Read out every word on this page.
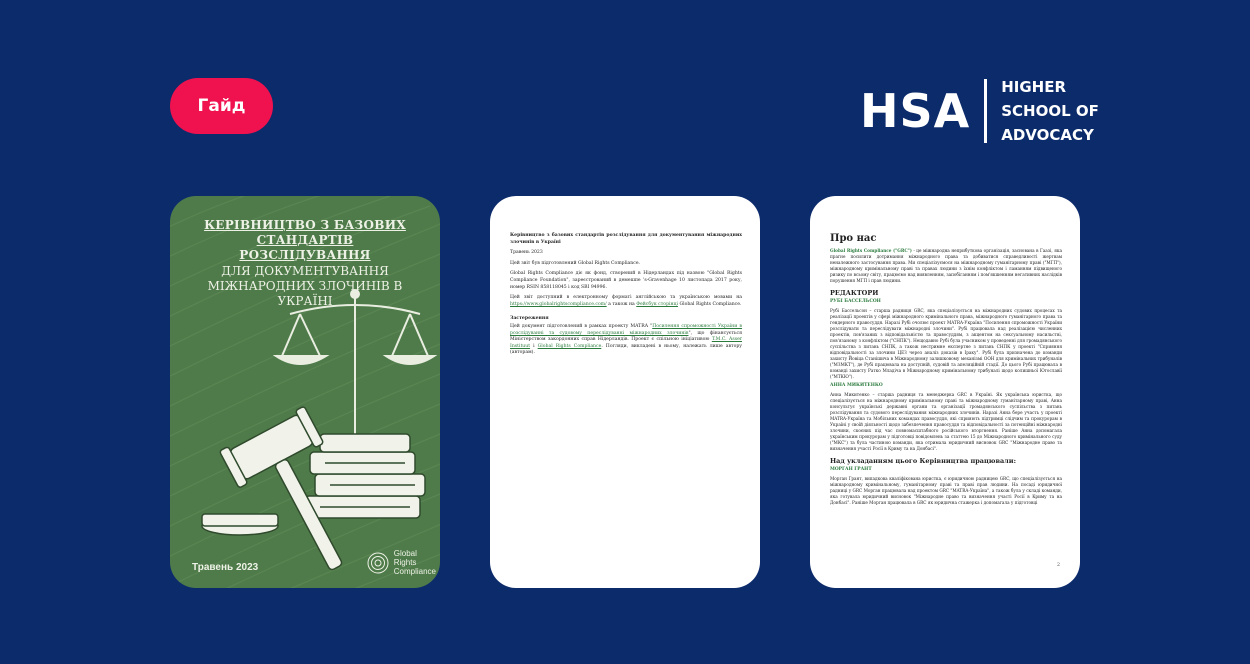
Гайд	HSA HIGHER
SCHOOL OF
ADVOCACY
КЕРІВНИЦТВО З БАЗОВИХ СТАНДАРТІВ РОЗСЛІДУВАННЯ
ДЛЯ ДОКУМЕНТУВАННЯ МІЖНАРОДНИХ ЗЛОЧИНІВ В УКРАЇНІ
Травень 2023
Global
Rights
Compliance

Керівництво з базових стандартів розслідування для документування міжнародних злочинів в Україні

Травень 2023

Цей звіт був підготовлений Global Rights Compliance.

Global Rights Compliance діє як фонд, створений в Нідерландах під назвою "Global Rights Compliance Foundation", зареєстрований в демешпе 's-Gravenhage 10 листопада 2017 року, номер RSIN 858118045 і код SBI 94996.

Цей звіт доступний в електронному форматі англійською та українською мовами на https://www.globalrightscompliance.com/ а також на Фейсбук сторінці Global Rights Compliance.

Застереження

Цей документ підготовлений в рамках проекту MATRA "Посилення спроможності України в розслідуванні та судовому переслідуванні міжнародних злочинів", що фінансується Міністерством закордонних справ Нідерландів. Проект є спільною ініціативою T.M.C. Asser Instituut і Global Rights Compliance. Погляди, викладені в ньому, належать лише автору (авторам).

Про нас

Global Rights Compliance ("GRC") - це міжнародна неприбуткова організація, заснована в Гаазі, яка прагне посилити дотримання міжнародного права та добиватися справедливості жертвам неналежного застосування права. Ми спеціалізуємося на міжнародному гуманітарному праві ("МГП"), міжнародному кримінальному праві та правах людини з їхнім конфліктом і ламанням підвищеного ризику по всьому світу, працюємо над виявленням, запобіганням і пом'якшенням негативних наслідків порушення МГП і прав людини.

РЕДАКТОРИ
РУБІ БАССЕЛЬСОН

Рубі Бассельсон – старша радниця GRC, яка спеціалізується на міжнародних судових процесах та реалізації проектів у сфері міжнародного кримінального права, міжнародного гуманітарного права та гендерного правосуддя. Наразі Рубі очолює проект MATRA-Україна "Посилення спроможності України розслідувати та переслідувати міжнародні злочини". Рубі працювала над реалізацією численних проектів, пов'язаних з відповідальністю та правосуддям, з акцентом на сексуальному насильстві, пов'язаному з конфліктом ("СНПК"). Нещодавно Рубі була учасником у проведенні для громадянського суспільства з питань СНПК, а також нестримне експертне з питань СНПК у проекті "Сприяння відповідальності за злочини ЦЕЗ через аналіз доказів в Іраку". Рубі була призначена до команди захисту Йовіца Станішича в Міжнародному залишковому механізмі ООН для кримінальних трибуналів ("МЗМКТ"), де Рубі працювала на доступній, судовій та апеляційній стадії. До цього Рубі працювала в команді захисту Ратко Младіча в Міжнародному кримінальному трибуналі щодо колишньої Югославії ("МТКЮ").

АННА МИКИТЕНКО

Анна Микитенко – старша радниця та менеджерка GRC в Україні. Як українська юристка, що спеціалізується на міжнародному кримінальному праві та міжнародному гуманітарному праві, Анна консультує українські державні органи та організації громадянського суспільства з питань розслідування та судового переслідування міжнародних злочинів. Наразі Анна бере участь у проекті MATRA-Україна та Мобільних командах правосуддя, які сприяють підтримці слідчим та прокурорам в Україні у своїй діяльності щодо забезпечення правосуддя та відповідальності за потенційні міжнародні злочини, скоєних під час повномасштабного російського вторгнення. Раніше Анна допомагала українським прокурорам у підготовці повідомлень за статтею 15 до Міжнародного кримінального суду ("МКС") та була частиною команди, яка отримала юридичний висновок GRC "Міжнародне право та визначення участі Росії в Криму та на Донбасі".

Над укладанням цього Керівництва працювали:
МОРГАН ГРАНТ

Морган Грант, випадкова кваліфікована юристка, є юридичною радницею GRC, що спеціалізується на міжнародному кримінальному, гуманітарному праві та праві прав людини. На посаді юридичної радниці у GRC Морган працювала над проектом GRC "MATRA-Україна", а також була у складі команди, яка готувала юридичний висновок "Міжнародне право та визначення участі Росії в Криму та на Донбасі". Раніше Морган працювала в GRC як юридична стажерка і допомагала у підготовці

2
